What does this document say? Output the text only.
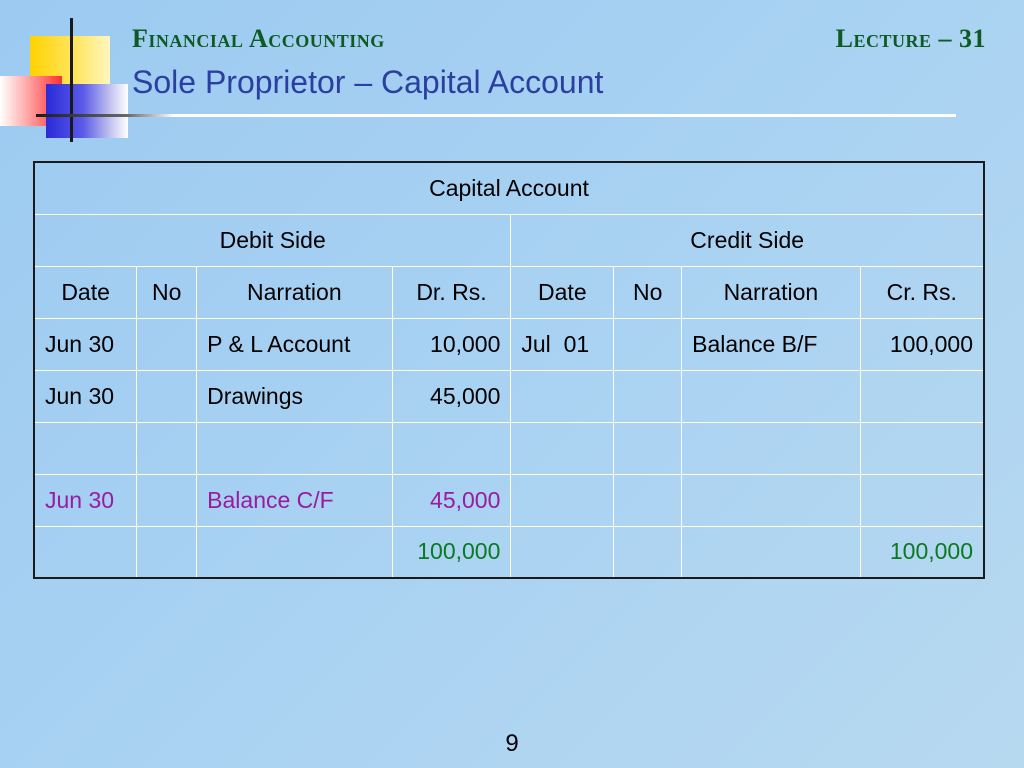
Financial Accounting	Lecture – 31
Sole Proprietor – Capital Account
Capital Account							
Debit Side				Credit Side			
Date	No	Narration	Dr. Rs.	Date	No	Narration	Cr. Rs.
Jun 30		P & L Account	10,000	Jul  01		Balance B/F	100,000
Jun 30		Drawings	45,000				

Jun 30		Balance C/F	45,000				
			100,000				100,000
9
